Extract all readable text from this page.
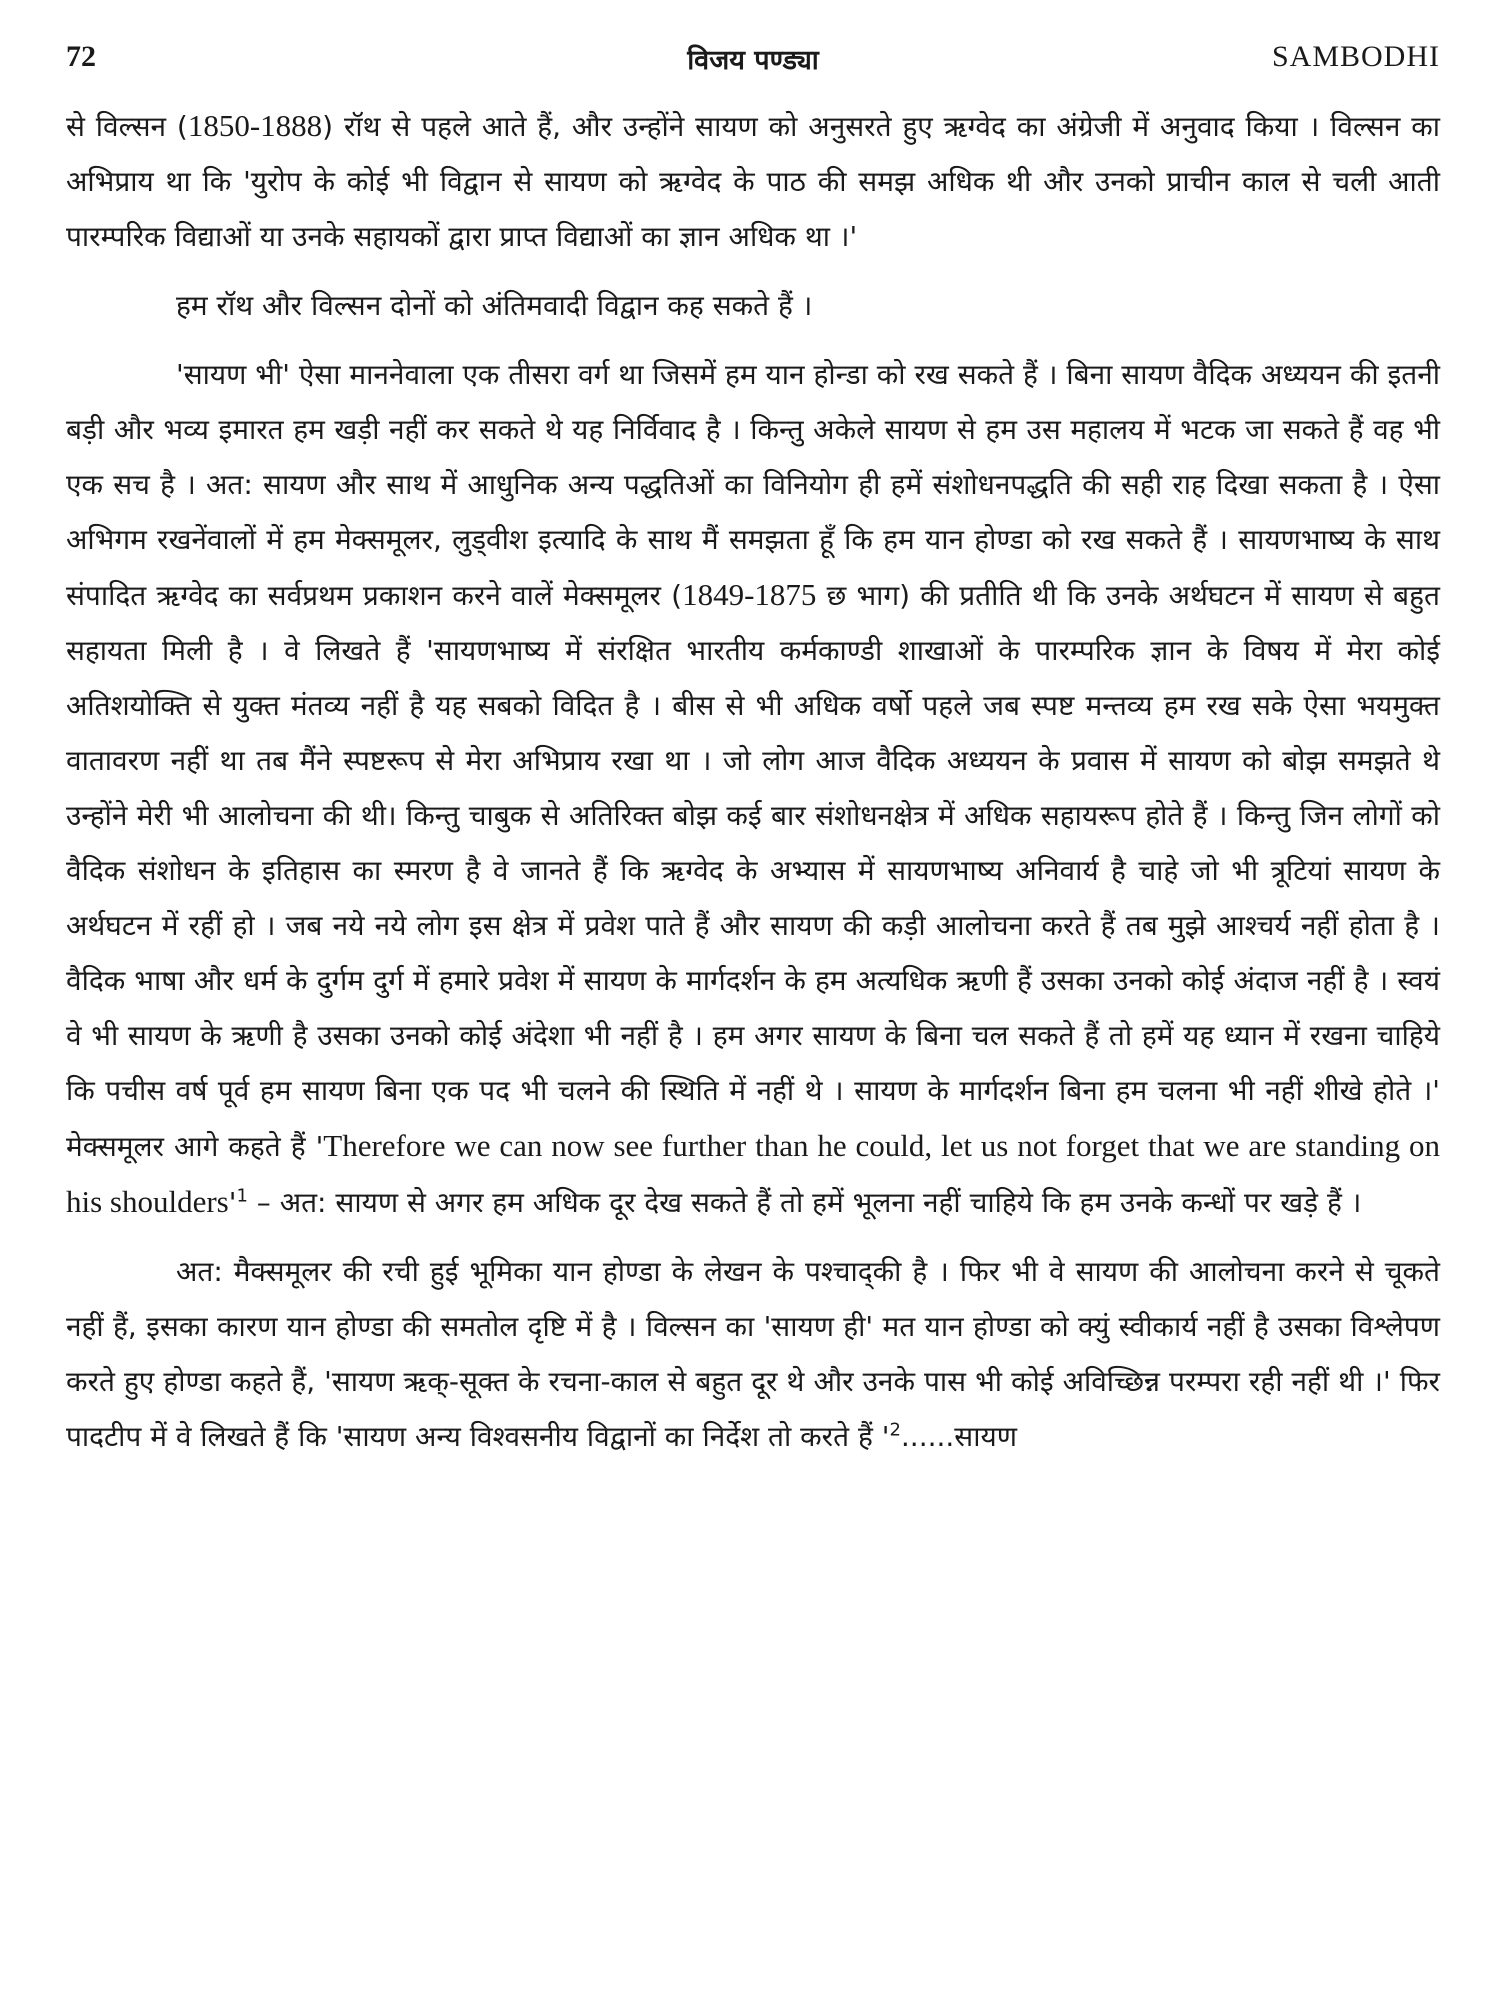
72	विजय पण्ड्या	SAMBODHI

से विल्सन (1850-1888) रॉथ से पहले आते हैं, और उन्होंने सायण को अनुसरते हुए ऋग्वेद का अंग्रेजी में अनुवाद किया । विल्सन का अभिप्राय था कि 'युरोप के कोई भी विद्वान से सायण को ऋग्वेद के पाठ की समझ अधिक थी और उनको प्राचीन काल से चली आती पारम्परिक विद्याओं या उनके सहायकों द्वारा प्राप्त विद्याओं का ज्ञान अधिक था ।'

हम रॉथ और विल्सन दोनों को अंतिमवादी विद्वान कह सकते हैं ।

'सायण भी' ऐसा माननेवाला एक तीसरा वर्ग था जिसमें हम यान होन्डा को रख सकते हैं । बिना सायण वैदिक अध्ययन की इतनी बड़ी और भव्य इमारत हम खड़ी नहीं कर सकते थे यह निर्विवाद है । किन्तु अकेले सायण से हम उस महालय में भटक जा सकते हैं वह भी एक सच है । अत: सायण और साथ में आधुनिक अन्य पद्धतिओं का विनियोग ही हमें संशोधनपद्धति की सही राह दिखा सकता है । ऐसा अभिगम रखनेंवालों में हम मेक्समूलर, लुड्वीश इत्यादि के साथ मैं समझता हूँ कि हम यान होण्डा को रख सकते हैं । सायणभाष्य के साथ संपादित ऋग्वेद का सर्वप्रथम प्रकाशन करने वालें मेक्समूलर (1849-1875 छ भाग) की प्रतीति थी कि उनके अर्थघटन में सायण से बहुत सहायता मिली है । वे लिखते हैं 'सायणभाष्य में संरक्षित भारतीय कर्मकाण्डी शाखाओं के पारम्परिक ज्ञान के विषय में मेरा कोई अतिशयोक्ति से युक्त मंतव्य नहीं है यह सबको विदित है । बीस से भी अधिक वर्षो पहले जब स्पष्ट मन्तव्य हम रख सके ऐसा भयमुक्त वातावरण नहीं था तब मैंने स्पष्टरूप से मेरा अभिप्राय रखा था । जो लोग आज वैदिक अध्ययन के प्रवास में सायण को बोझ समझते थे उन्होंने मेरी भी आलोचना की थी। किन्तु चाबुक से अतिरिक्त बोझ कई बार संशोधनक्षेत्र में अधिक सहायरूप होते हैं । किन्तु जिन लोगों को वैदिक संशोधन के इतिहास का स्मरण है वे जानते हैं कि ऋग्वेद के अभ्यास में सायणभाष्य अनिवार्य है चाहे जो भी त्रूटियां सायण के अर्थघटन में रहीं हो । जब नये नये लोग इस क्षेत्र में प्रवेश पाते हैं और सायण की कड़ी आलोचना करते हैं तब मुझे आश्चर्य नहीं होता है । वैदिक भाषा और धर्म के दुर्गम दुर्ग में हमारे प्रवेश में सायण के मार्गदर्शन के हम अत्यधिक ऋणी हैं उसका उनको कोई अंदाज नहीं है । स्वयं वे भी सायण के ऋणी है उसका उनको कोई अंदेशा भी नहीं है । हम अगर सायण के बिना चल सकते हैं तो हमें यह ध्यान में रखना चाहिये कि पचीस वर्ष पूर्व हम सायण बिना एक पद भी चलने की स्थिति में नहीं थे । सायण के मार्गदर्शन बिना हम चलना भी नहीं शीखे होते ।' मेक्समूलर आगे कहते हैं 'Therefore we can now see further than he could, let us not forget that we are standing on his $shoulders'^1$ – अत: सायण से अगर हम अधिक दूर देख सकते हैं तो हमें भूलना नहीं चाहिये कि हम उनके कन्धों पर खड़े हैं ।

अत: मैक्समूलर की रची हुई भूमिका यान होण्डा के लेखन के पश्चाद्की है । फिर भी वे सायण की आलोचना करने से चूकते नहीं हैं, इसका कारण यान होण्डा की समतोल दृष्टि में है । विल्सन का 'सायण ही' मत यान होण्डा को क्युं स्वीकार्य नहीं है उसका विश्लेपण करते हुए होण्डा कहते हैं, 'सायण ऋक्-सूक्त के रचना-काल से बहुत दूर थे और उनके पास भी कोई अविच्छिन्न परम्परा रही नहीं थी ।' फिर पादटीप में वे लिखते हैं कि 'सायण अन्य विश्वसनीय विद्वानों का निर्देश तो करते हैं '$^2......सायण$
